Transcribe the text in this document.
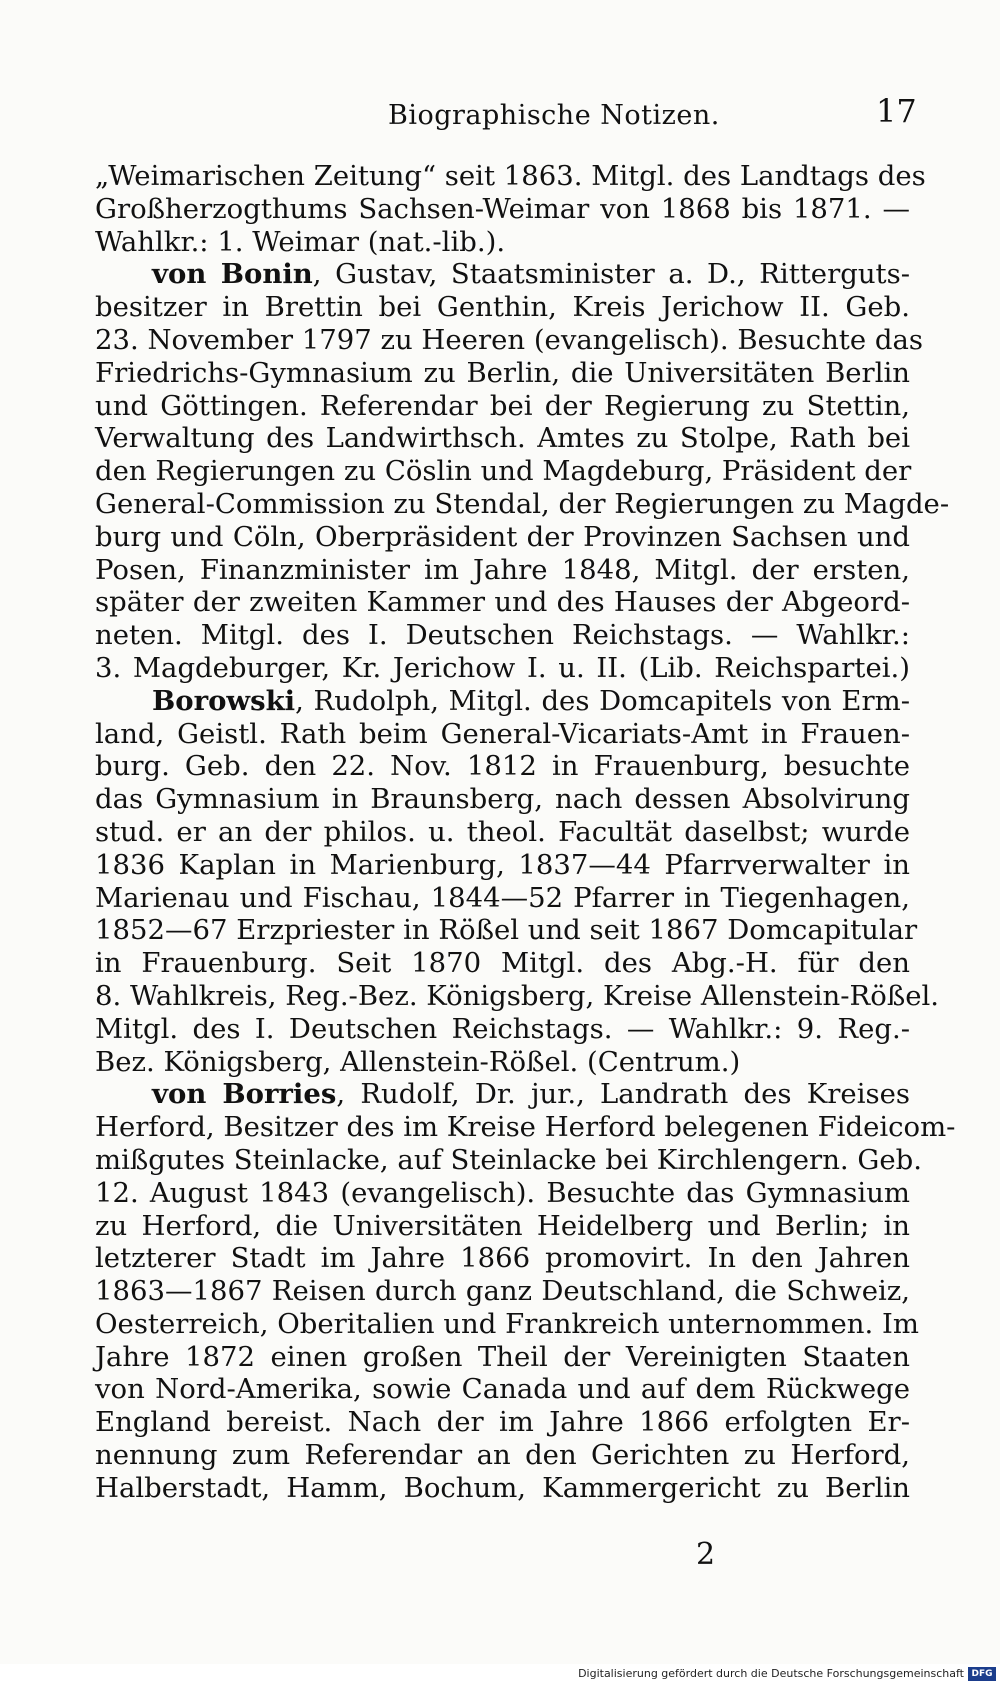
Biographische Notizen.	17
„Weimarischen Zeitung“ seit 1863. Mitgl. des Landtags des
Großherzogthums Sachsen-Weimar von 1868 bis 1871. —
Wahlkr.: 1. Weimar (nat.-lib.).
von Bonin, Gustav, Staatsminister a. D., Ritterguts-
besitzer in Brettin bei Genthin, Kreis Jerichow II. Geb.
23. November 1797 zu Heeren (evangelisch). Besuchte das
Friedrichs-Gymnasium zu Berlin, die Universitäten Berlin
und Göttingen. Referendar bei der Regierung zu Stettin,
Verwaltung des Landwirthsch. Amtes zu Stolpe, Rath bei
den Regierungen zu Cöslin und Magdeburg, Präsident der
General-Commission zu Stendal, der Regierungen zu Magde-
burg und Cöln, Oberpräsident der Provinzen Sachsen und
Posen, Finanzminister im Jahre 1848, Mitgl. der ersten,
später der zweiten Kammer und des Hauses der Abgeord-
neten. Mitgl. des I. Deutschen Reichstags. — Wahlkr.:
3. Magdeburger, Kr. Jerichow I. u. II. (Lib. Reichspartei.)
Borowski, Rudolph, Mitgl. des Domcapitels von Erm-
land, Geistl. Rath beim General-Vicariats-Amt in Frauen-
burg. Geb. den 22. Nov. 1812 in Frauenburg, besuchte
das Gymnasium in Braunsberg, nach dessen Absolvirung
stud. er an der philos. u. theol. Facultät daselbst; wurde
1836 Kaplan in Marienburg, 1837—44 Pfarrverwalter in
Marienau und Fischau, 1844—52 Pfarrer in Tiegenhagen,
1852—67 Erzpriester in Rößel und seit 1867 Domcapitular
in Frauenburg. Seit 1870 Mitgl. des Abg.-H. für den
8. Wahlkreis, Reg.-Bez. Königsberg, Kreise Allenstein-Rößel.
Mitgl. des I. Deutschen Reichstags. — Wahlkr.: 9. Reg.-
Bez. Königsberg, Allenstein-Rößel. (Centrum.)
von Borries, Rudolf, Dr. jur., Landrath des Kreises
Herford, Besitzer des im Kreise Herford belegenen Fideicom-
mißgutes Steinlacke, auf Steinlacke bei Kirchlengern. Geb.
12. August 1843 (evangelisch). Besuchte das Gymnasium
zu Herford, die Universitäten Heidelberg und Berlin; in
letzterer Stadt im Jahre 1866 promovirt. In den Jahren
1863—1867 Reisen durch ganz Deutschland, die Schweiz,
Oesterreich, Oberitalien und Frankreich unternommen. Im
Jahre 1872 einen großen Theil der Vereinigten Staaten
von Nord-Amerika, sowie Canada und auf dem Rückwege
England bereist. Nach der im Jahre 1866 erfolgten Er-
nennung zum Referendar an den Gerichten zu Herford,
Halberstadt, Hamm, Bochum, Kammergericht zu Berlin
2
Digitalisierung gefördert durch die Deutsche Forschungsgemeinschaft DFG
